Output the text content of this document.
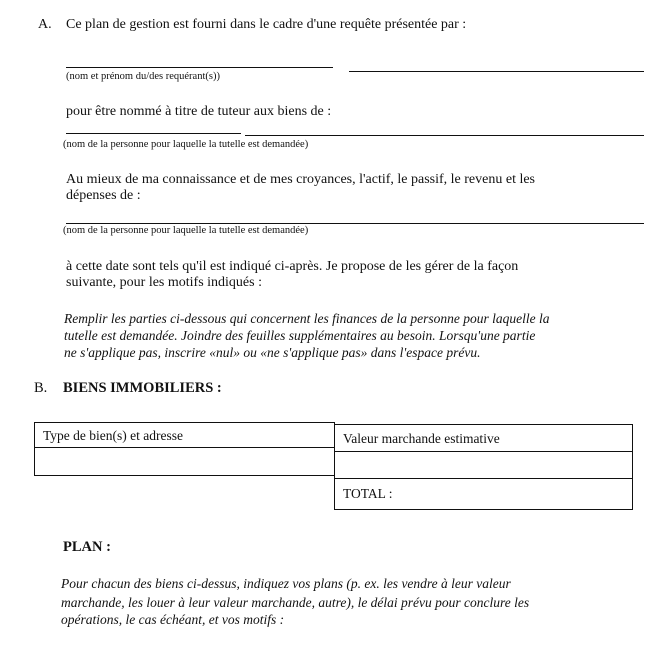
A. Ce plan de gestion est fourni dans le cadre d'une requête présentée par :
(nom et prénom du/des requérant(s))
pour être nommé à titre de tuteur aux biens de :
(nom de la personne pour laquelle la tutelle est demandée)
Au mieux de ma connaissance et de mes croyances, l'actif, le passif, le revenu et les
dépenses de :
(nom de la personne pour laquelle la tutelle est demandée)
à cette date sont tels qu'il est indiqué ci-après. Je propose de les gérer de la façon
suivante, pour les motifs indiqués :
Remplir les parties ci-dessous qui concernent les finances de la personne pour laquelle la
tutelle est demandée. Joindre des feuilles supplémentaires au besoin. Lorsqu'une partie
ne s'applique pas, inscrire «nul» ou «ne s'applique pas» dans l'espace prévu.
B. BIENS IMMOBILIERS :
Type de bien(s) et adresse	Valeur marchande estimative
TOTAL :
PLAN :
Pour chacun des biens ci-dessus, indiquez vos plans (p. ex. les vendre à leur valeur
marchande, les louer à leur valeur marchande, autre), le délai prévu pour conclure les
opérations, le cas échéant, et vos motifs :
